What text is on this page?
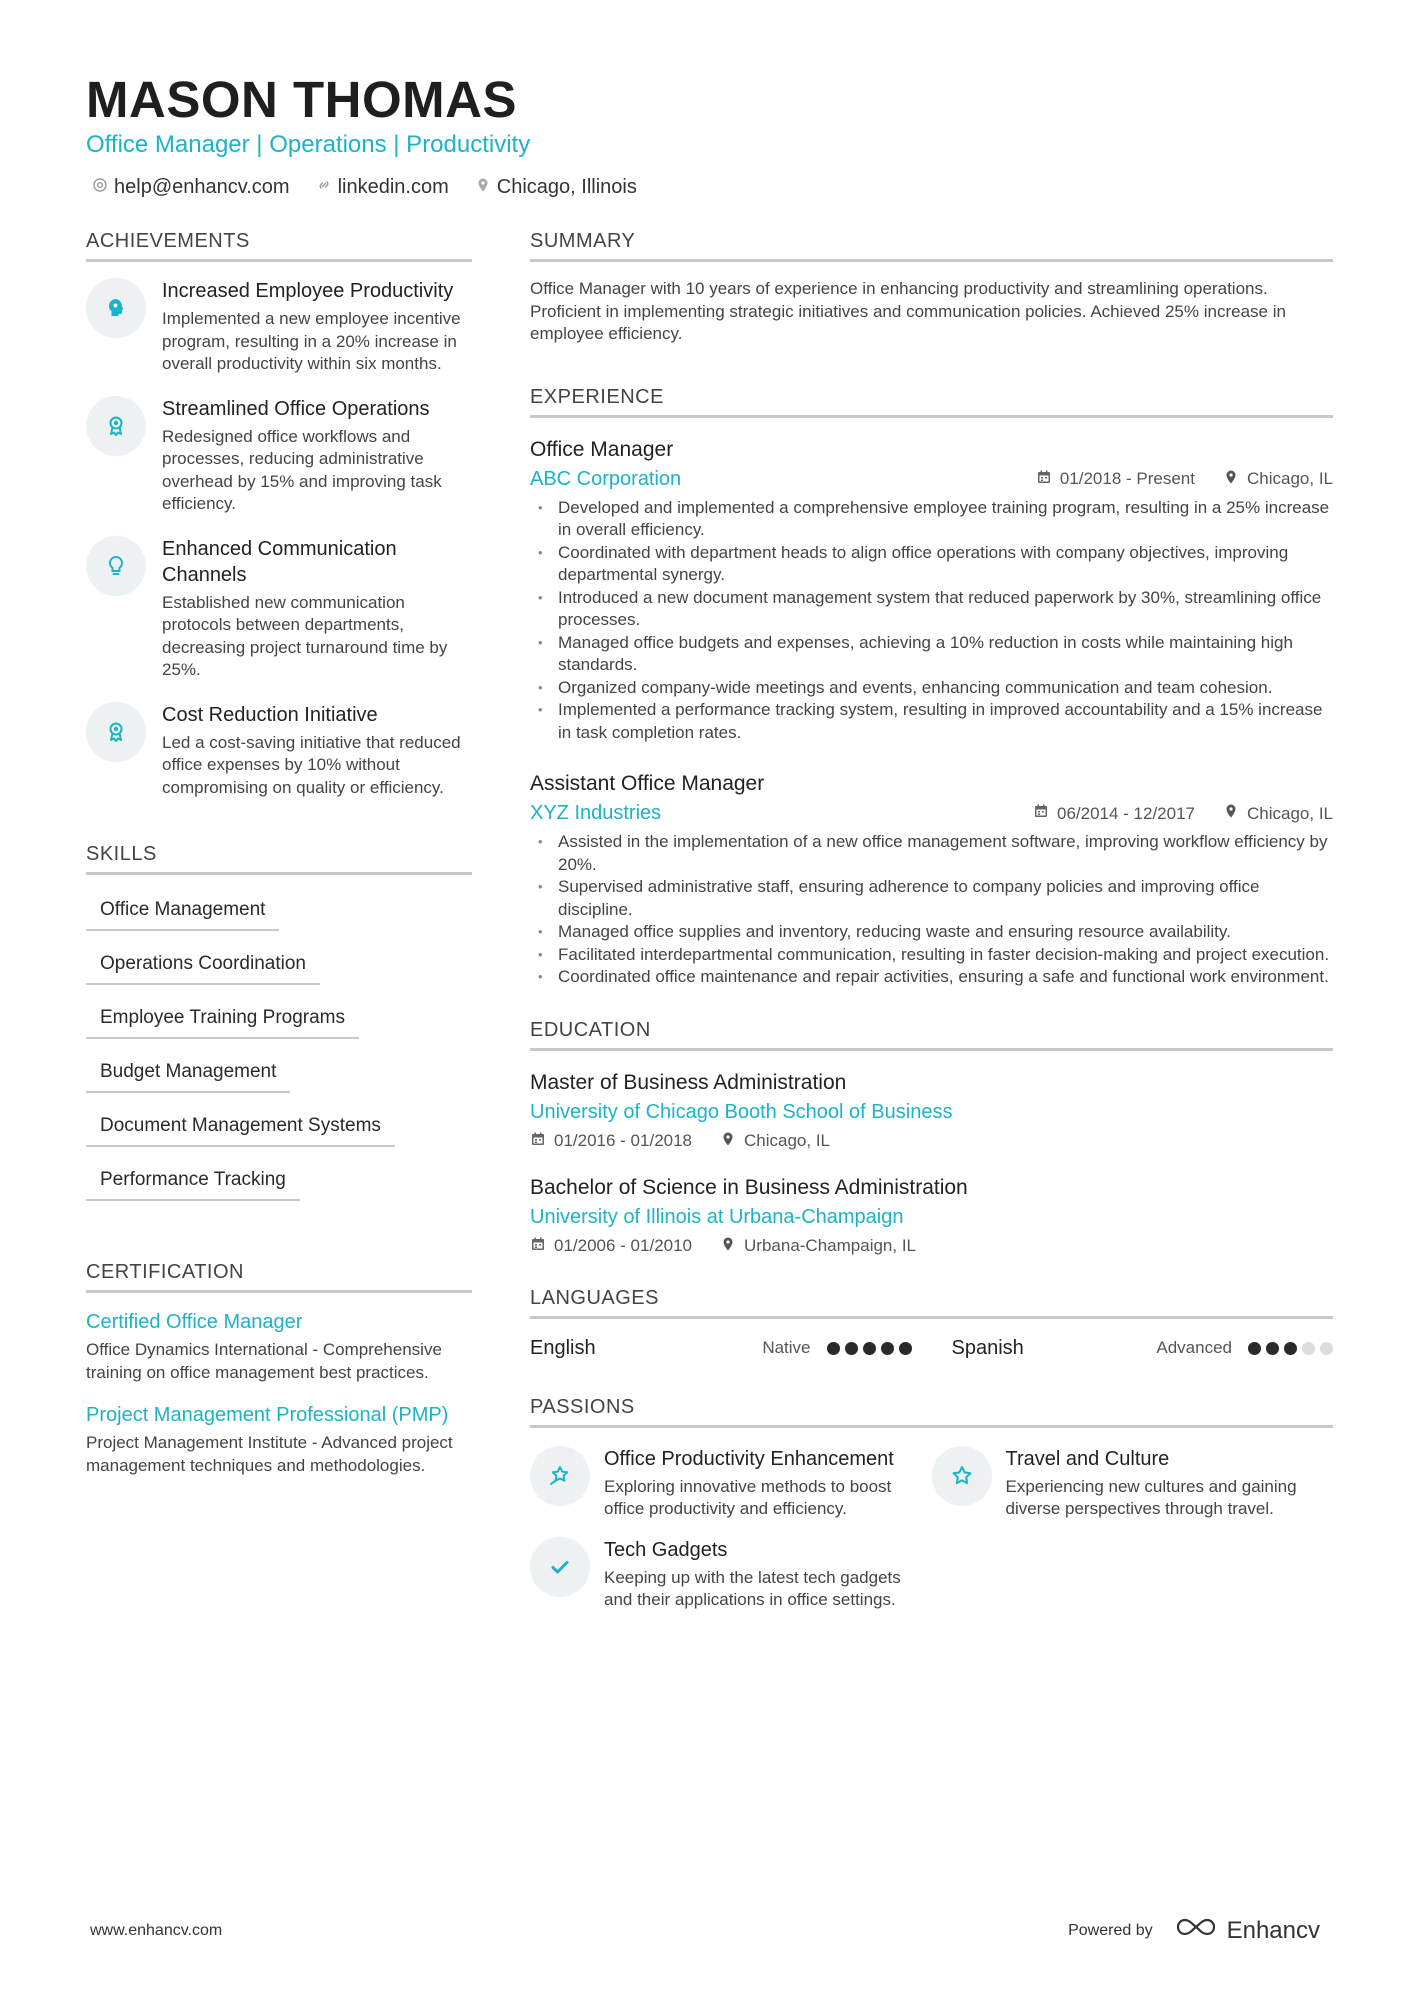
MASON THOMAS
Office Manager | Operations | Productivity
help@enhancv.com linkedin.com Chicago, Illinois
ACHIEVEMENTS
Increased Employee Productivity
Implemented a new employee incentive program, resulting in a 20% increase in overall productivity within six months.
Streamlined Office Operations
Redesigned office workflows and processes, reducing administrative overhead by 15% and improving task efficiency.
Enhanced Communication Channels
Established new communication protocols between departments, decreasing project turnaround time by 25%.
Cost Reduction Initiative
Led a cost-saving initiative that reduced office expenses by 10% without compromising on quality or efficiency.
SKILLS
Office Management
Operations Coordination
Employee Training Programs
Budget Management
Document Management Systems
Performance Tracking
CERTIFICATION
Certified Office Manager
Office Dynamics International - Comprehensive training on office management best practices.
Project Management Professional (PMP)
Project Management Institute - Advanced project management techniques and methodologies.
SUMMARY
Office Manager with 10 years of experience in enhancing productivity and streamlining operations. Proficient in implementing strategic initiatives and communication policies. Achieved 25% increase in employee efficiency.
EXPERIENCE
Office Manager
ABC Corporation	01/2018 - Present	Chicago, IL
• Developed and implemented a comprehensive employee training program, resulting in a 25% increase in overall efficiency.
• Coordinated with department heads to align office operations with company objectives, improving departmental synergy.
• Introduced a new document management system that reduced paperwork by 30%, streamlining office processes.
• Managed office budgets and expenses, achieving a 10% reduction in costs while maintaining high standards.
• Organized company-wide meetings and events, enhancing communication and team cohesion.
• Implemented a performance tracking system, resulting in improved accountability and a 15% increase in task completion rates.
Assistant Office Manager
XYZ Industries	06/2014 - 12/2017	Chicago, IL
• Assisted in the implementation of a new office management software, improving workflow efficiency by 20%.
• Supervised administrative staff, ensuring adherence to company policies and improving office discipline.
• Managed office supplies and inventory, reducing waste and ensuring resource availability.
• Facilitated interdepartmental communication, resulting in faster decision-making and project execution.
• Coordinated office maintenance and repair activities, ensuring a safe and functional work environment.
EDUCATION
Master of Business Administration
University of Chicago Booth School of Business
01/2016 - 01/2018	Chicago, IL
Bachelor of Science in Business Administration
University of Illinois at Urbana-Champaign
01/2006 - 01/2010	Urbana-Champaign, IL
LANGUAGES
English	Native	Spanish	Advanced
PASSIONS
Office Productivity Enhancement
Exploring innovative methods to boost office productivity and efficiency.
Travel and Culture
Experiencing new cultures and gaining diverse perspectives through travel.
Tech Gadgets
Keeping up with the latest tech gadgets and their applications in office settings.
www.enhancv.com	Powered by	Enhancv
